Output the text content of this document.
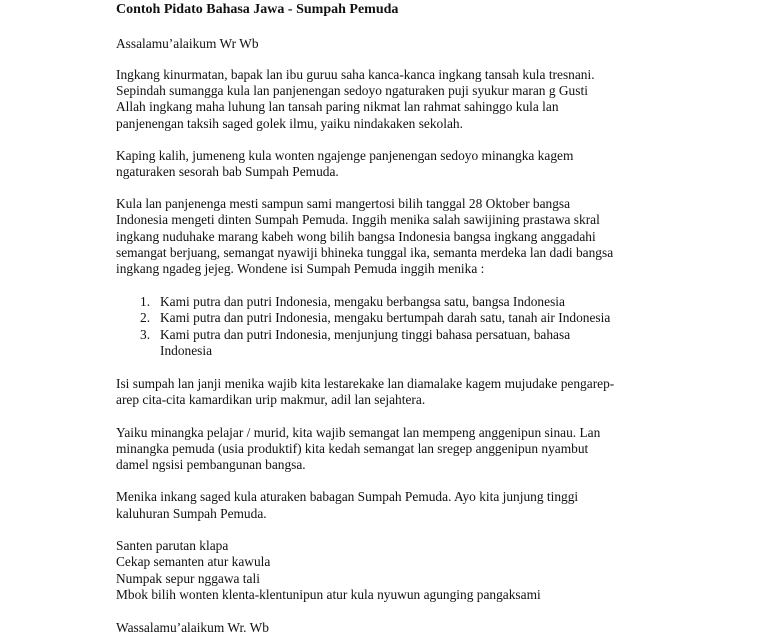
Contoh Pidato Bahasa Jawa - Sumpah Pemuda
Assalamu’alaikum Wr Wb
Ingkang kinurmatan, bapak lan ibu guruu saha kanca-kanca ingkang tansah kula tresnani.
Sepindah sumangga kula lan panjenengan sedoyo ngaturaken puji syukur maran g Gusti
Allah ingkang maha luhung lan tansah paring nikmat lan rahmat sahinggo kula lan
panjenengan taksih saged golek ilmu, yaiku nindakaken sekolah.
Kaping kalih, jumeneng kula wonten ngajenge panjenengan sedoyo minangka kagem
ngaturaken sesorah bab Sumpah Pemuda.
Kula lan panjenenga mesti sampun sami mangertosi bilih tanggal 28 Oktober bangsa
Indonesia mengeti dinten Sumpah Pemuda. Inggih menika salah sawijining prastawa skral
ingkang nuduhake marang kabeh wong bilih bangsa Indonesia bangsa ingkang anggadahi
semangat berjuang, semangat nyawiji bhineka tunggal ika, semanta merdeka lan dadi bangsa
ingkang ngadeg jejeg. Wondene isi Sumpah Pemuda inggih menika :
1. Kami putra dan putri Indonesia, mengaku berbangsa satu, bangsa Indonesia
2. Kami putra dan putri Indonesia, mengaku bertumpah darah satu, tanah air Indonesia
3. Kami putra dan putri Indonesia, menjunjung tinggi bahasa persatuan, bahasa
Indonesia
Isi sumpah lan janji menika wajib kita lestarekake lan diamalake kagem mujudake pengarep-
arep cita-cita kamardikan urip makmur, adil lan sejahtera.
Yaiku minangka pelajar / murid, kita wajib semangat lan mempeng anggenipun sinau. Lan
minangka pemuda (usia produktif) kita kedah semangat lan sregep anggenipun nyambut
damel ngsisi pembangunan bangsa.
Menika inkang saged kula aturaken babagan Sumpah Pemuda. Ayo kita junjung tinggi
kaluhuran Sumpah Pemuda.
Santen parutan klapa
Cekap semanten atur kawula
Numpak sepur nggawa tali
Mbok bilih wonten klenta-klentunipun atur kula nyuwun agunging pangaksami
Wassalamu’alaikum Wr. Wb
